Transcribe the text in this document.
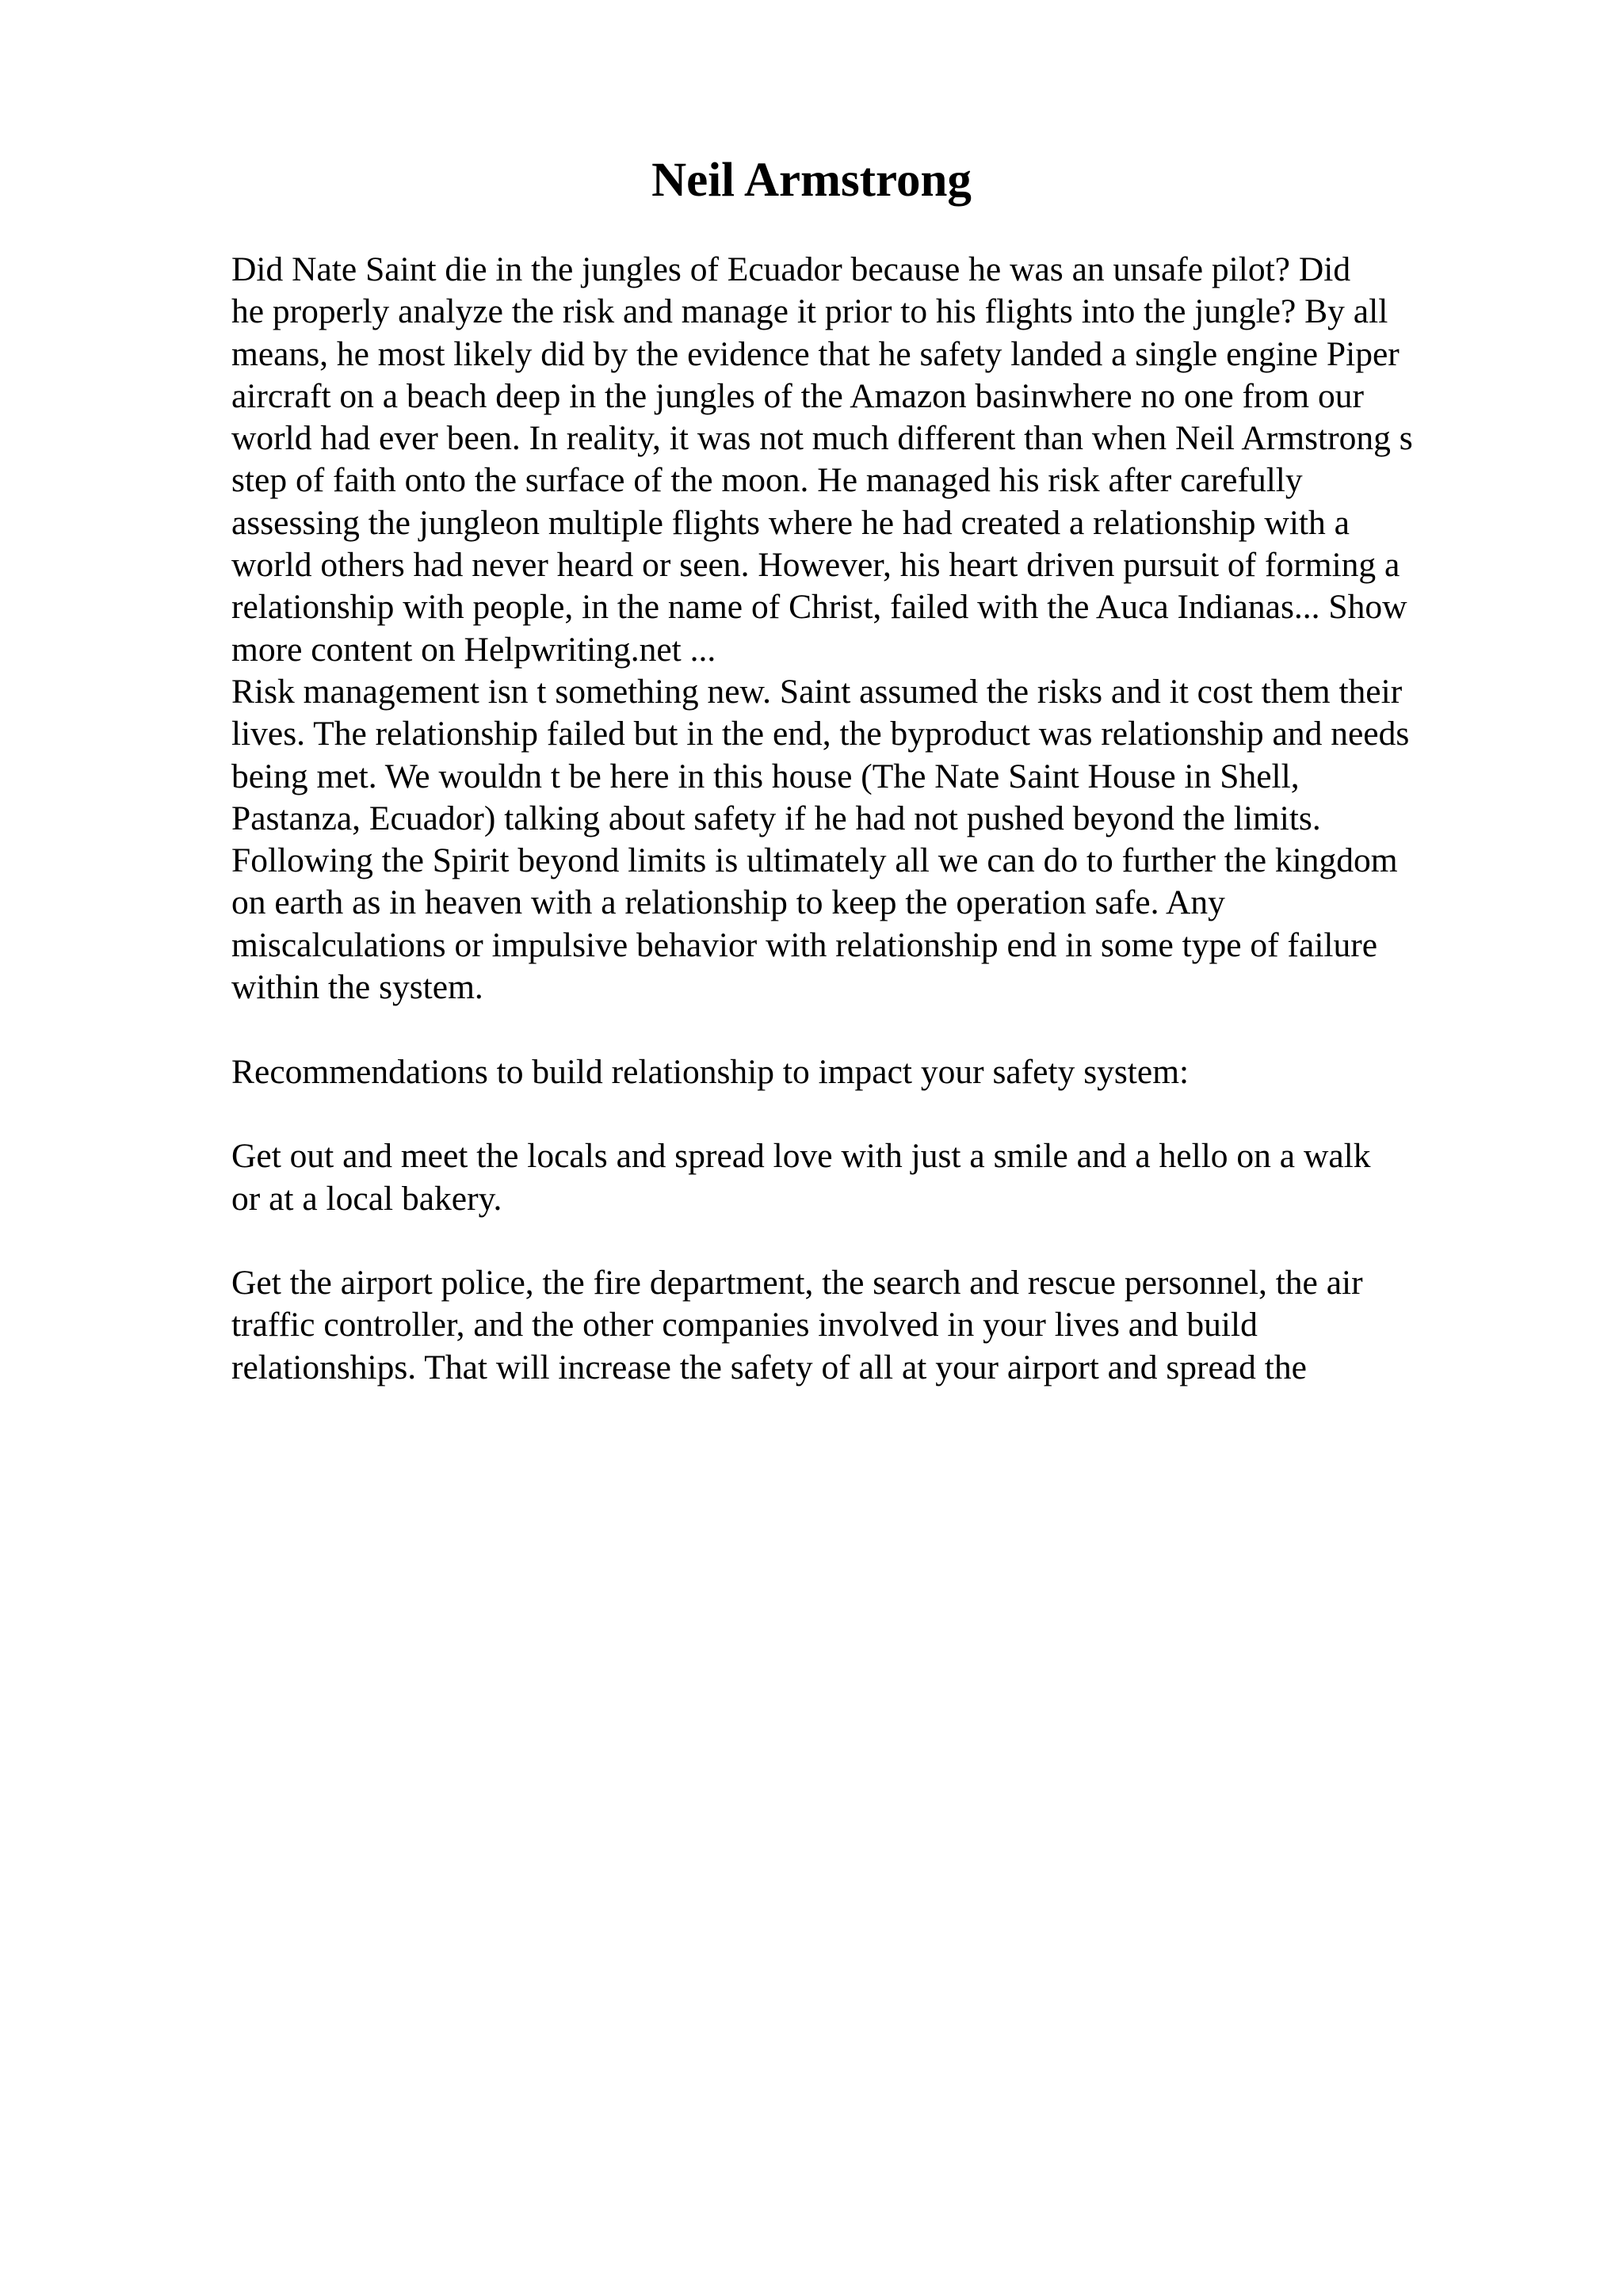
Neil Armstrong
Did Nate Saint die in the jungles of Ecuador because he was an unsafe pilot? Did
he properly analyze the risk and manage it prior to his flights into the jungle? By all
means, he most likely did by the evidence that he safety landed a single engine Piper
aircraft on a beach deep in the jungles of the Amazon basinwhere no one from our
world had ever been. In reality, it was not much different than when Neil Armstrong s
step of faith onto the surface of the moon. He managed his risk after carefully
assessing the jungleon multiple flights where he had created a relationship with a
world others had never heard or seen. However, his heart driven pursuit of forming a
relationship with people, in the name of Christ, failed with the Auca Indianas... Show
more content on Helpwriting.net ...
Risk management isn t something new. Saint assumed the risks and it cost them their
lives. The relationship failed but in the end, the byproduct was relationship and needs
being met. We wouldn t be here in this house (The Nate Saint House in Shell,
Pastanza, Ecuador) talking about safety if he had not pushed beyond the limits.
Following the Spirit beyond limits is ultimately all we can do to further the kingdom
on earth as in heaven with a relationship to keep the operation safe. Any
miscalculations or impulsive behavior with relationship end in some type of failure
within the system.
Recommendations to build relationship to impact your safety system:
Get out and meet the locals and spread love with just a smile and a hello on a walk
or at a local bakery.
Get the airport police, the fire department, the search and rescue personnel, the air
traffic controller, and the other companies involved in your lives and build
relationships. That will increase the safety of all at your airport and spread the
